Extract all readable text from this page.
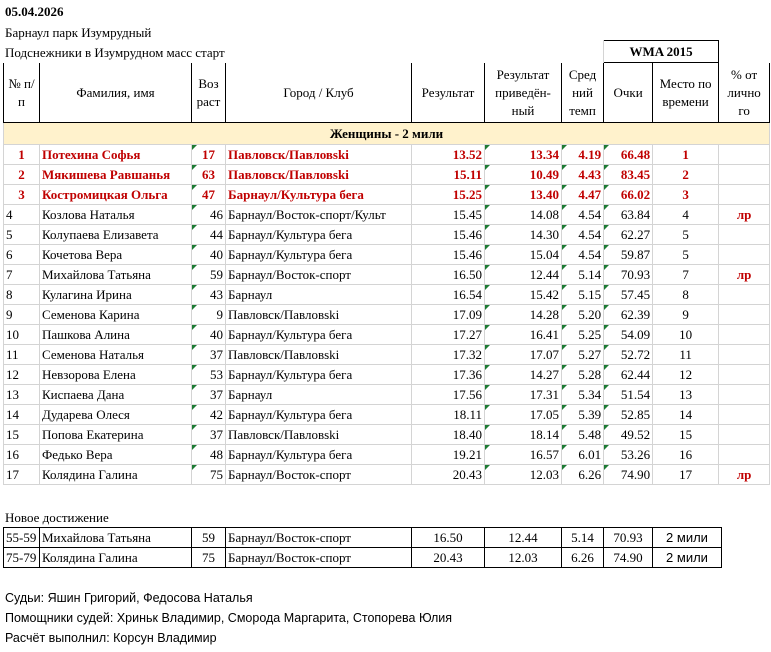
05.04.2026
Барнаул парк Изумрудный
Подснежники в Изумрудном масс старт
							WMA 2015		
№ п/п	Фамилия, имя	Воз раст	Город / Клуб	Результат	Результат приведён-ный	Сред ний темп	Очки	Место по времени	% от лично го
Женщины - 2 мили									
1	Потехина Софья	17	Павловск/Павловski	13.52	13.34	4.19	66.48	1	
2	Мякишева Равшанья	63	Павловск/Павловski	15.11	10.49	4.43	83.45	2	
3	Костромицкая Ольга	47	Барнаул/Культура бега	15.25	13.40	4.47	66.02	3	
4	Козлова Наталья	46	Барнаул/Восток-спорт/Культ	15.45	14.08	4.54	63.84	4	лр
5	Колупаева Елизавета	44	Барнаул/Культура бега	15.46	14.30	4.54	62.27	5	
6	Кочетова Вера	40	Барнаул/Культура бега	15.46	15.04	4.54	59.87	5	
7	Михайлова Татьяна	59	Барнаул/Восток-спорт	16.50	12.44	5.14	70.93	7	лр
8	Кулагина Ирина	43	Барнаул	16.54	15.42	5.15	57.45	8	
9	Семенова Карина	9	Павловск/Павловski	17.09	14.28	5.20	62.39	9	
10	Пашкова Алина	40	Барнаул/Культура бега	17.27	16.41	5.25	54.09	10	
11	Семенова Наталья	37	Павловск/Павловski	17.32	17.07	5.27	52.72	11	
12	Невзорова Елена	53	Барнаул/Культура бега	17.36	14.27	5.28	62.44	12	
13	Киспаева Дана	37	Барнаул	17.56	17.31	5.34	51.54	13	
14	Дударева Олеся	42	Барнаул/Культура бега	18.11	17.05	5.39	52.85	14	
15	Попова Екатерина	37	Павловск/Павловski	18.40	18.14	5.48	49.52	15	
16	Федько Вера	48	Барнаул/Культура бега	19.21	16.57	6.01	53.26	16	
17	Колядина Галина	75	Барнаул/Восток-спорт	20.43	12.03	6.26	74.90	17	лр
Новое достижение
55-59	Михайлова Татьяна	59	Барнаул/Восток-спорт	16.50	12.44	5.14	70.93	2 мили
75-79	Колядина Галина	75	Барнаул/Восток-спорт	20.43	12.03	6.26	74.90	2 мили
Судьи: Яшин Григорий, Федосова Наталья
Помощники судей: Хриньк Владимир, Сморода Маргарита, Стопорева Юлия
Расчёт выполнил: Корсун Владимир
